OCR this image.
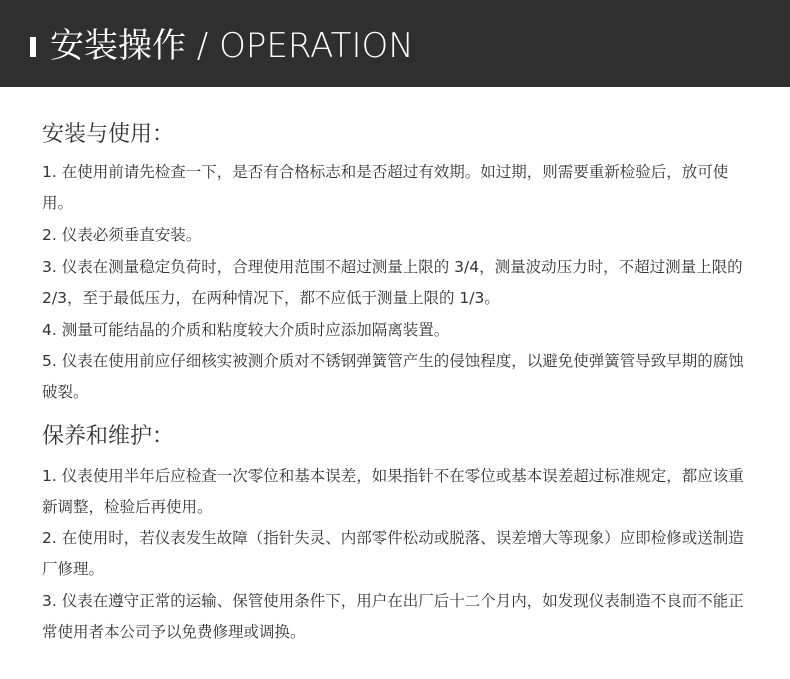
安装操作 / OPERATION
安装与使用：
1. 在使用前请先检查一下，是否有合格标志和是否超过有效期。如过期，则需要重新检验后，放可使用。
2. 仪表必须垂直安装。
3. 仪表在测量稳定负荷时，合理使用范围不超过测量上限的 3/4，测量波动压力时，不超过测量上限的 2/3，至于最低压力，在两种情况下，都不应低于测量上限的 1/3。
4. 测量可能结晶的介质和粘度较大介质时应添加隔离装置。
5. 仪表在使用前应仔细核实被测介质对不锈钢弹簧管产生的侵蚀程度，以避免使弹簧管导致早期的腐蚀破裂。
保养和维护：
1. 仪表使用半年后应检查一次零位和基本误差，如果指针不在零位或基本误差超过标准规定，都应该重新调整，检验后再使用。
2. 在使用时，若仪表发生故障（指针失灵、内部零件松动或脱落、误差增大等现象）应即检修或送制造厂修理。
3. 仪表在遵守正常的运输、保管使用条件下，用户在出厂后十二个月内，如发现仪表制造不良而不能正常使用者本公司予以免费修理或调换。
